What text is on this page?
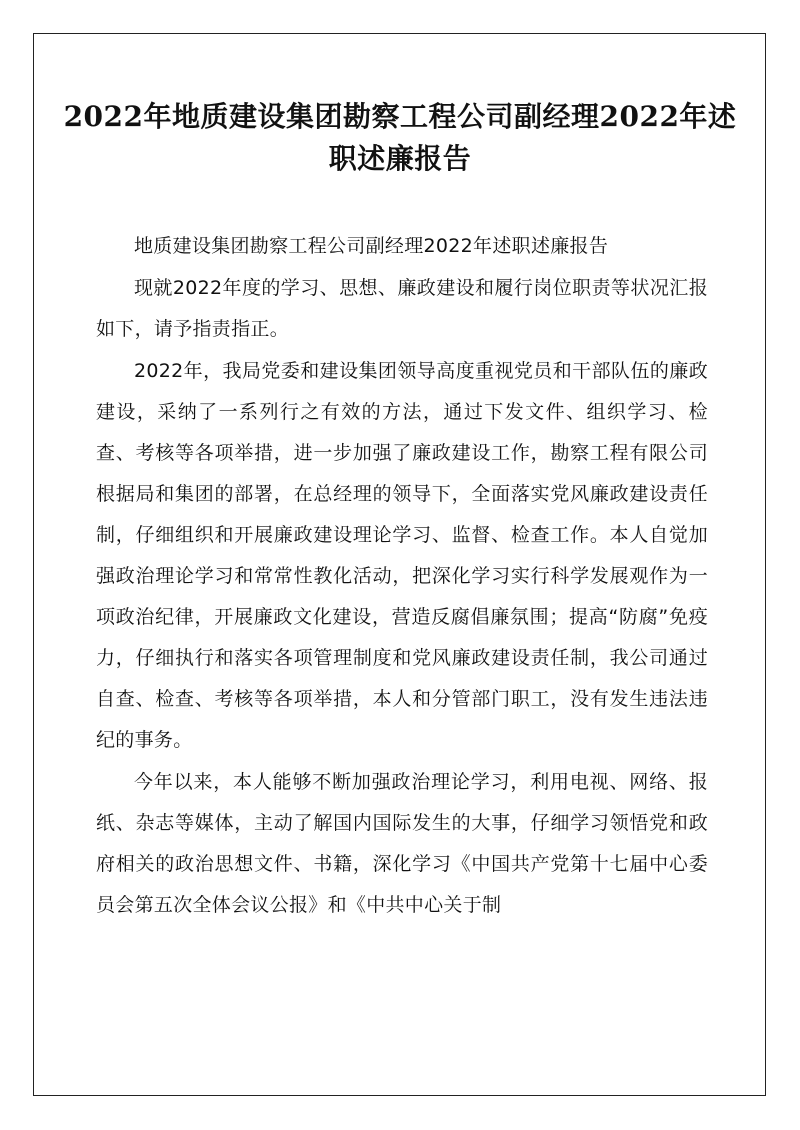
2022年地质建设集团勘察工程公司副经理2022年述职述廉报告

地质建设集团勘察工程公司副经理2022年述职述廉报告

现就2022年度的学习、思想、廉政建设和履行岗位职责等状况汇报如下，请予指责指正。

2022年，我局党委和建设集团领导高度重视党员和干部队伍的廉政建设，采纳了一系列行之有效的方法，通过下发文件、组织学习、检查、考核等各项举措，进一步加强了廉政建设工作，勘察工程有限公司根据局和集团的部署，在总经理的领导下，全面落实党风廉政建设责任制，仔细组织和开展廉政建设理论学习、监督、检查工作。本人自觉加强政治理论学习和常常性教化活动，把深化学习实行科学发展观作为一项政治纪律，开展廉政文化建设，营造反腐倡廉氛围；提高“防腐”免疫力，仔细执行和落实各项管理制度和党风廉政建设责任制，我公司通过自查、检查、考核等各项举措，本人和分管部门职工，没有发生违法违纪的事务。

今年以来，本人能够不断加强政治理论学习，利用电视、网络、报纸、杂志等媒体，主动了解国内国际发生的大事，仔细学习领悟党和政府相关的政治思想文件、书籍，深化学习《中国共产党第十七届中心委员会第五次全体会议公报》和《中共中心关于制
